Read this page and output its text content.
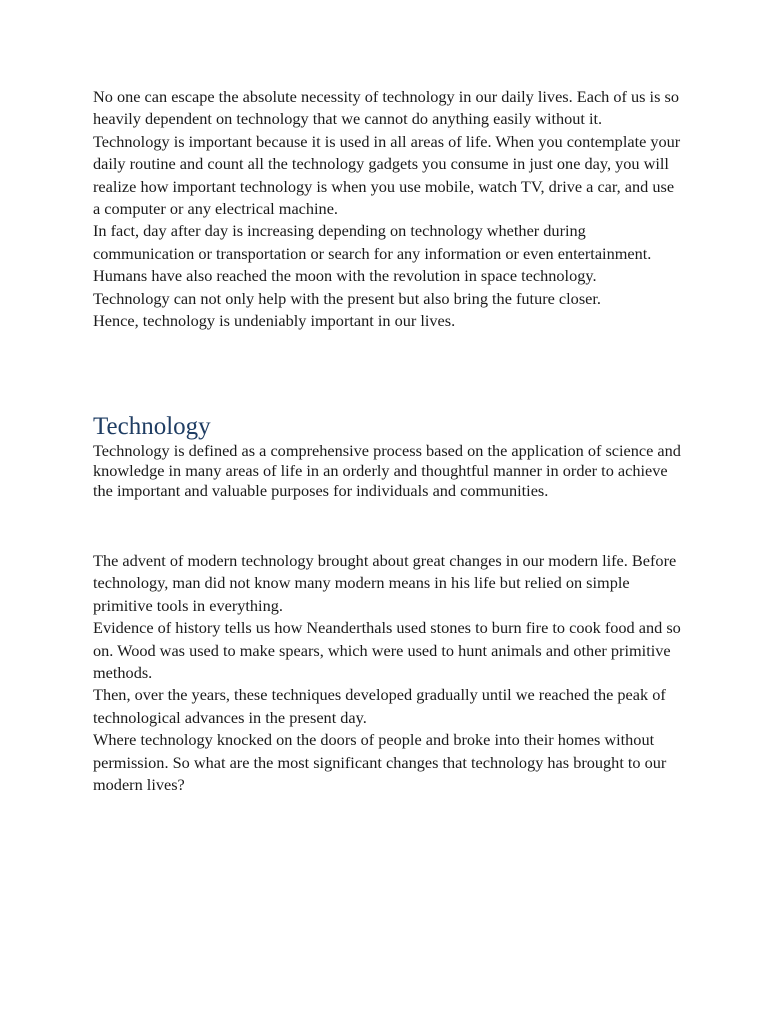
No one can escape the absolute necessity of technology in our daily lives. Each of us is so heavily dependent on technology that we cannot do anything easily without it.

Technology is important because it is used in all areas of life. When you contemplate your daily routine and count all the technology gadgets you consume in just one day, you will realize how important technology is when you use mobile, watch TV, drive a car, and use a computer or any electrical machine.

In fact, day after day is increasing depending on technology whether during communication or transportation or search for any information or even entertainment.

Humans have also reached the moon with the revolution in space technology.

Technology can not only help with the present but also bring the future closer.

Hence, technology is undeniably important in our lives.

Technology

Technology is defined as a comprehensive process based on the application of science and knowledge in many areas of life in an orderly and thoughtful manner in order to achieve the important and valuable purposes for individuals and communities.

The advent of modern technology brought about great changes in our modern life. Before technology, man did not know many modern means in his life but relied on simple primitive tools in everything.

Evidence of history tells us how Neanderthals used stones to burn fire to cook food and so on. Wood was used to make spears, which were used to hunt animals and other primitive methods.

Then, over the years, these techniques developed gradually until we reached the peak of technological advances in the present day.

Where technology knocked on the doors of people and broke into their homes without permission. So what are the most significant changes that technology has brought to our modern lives?
